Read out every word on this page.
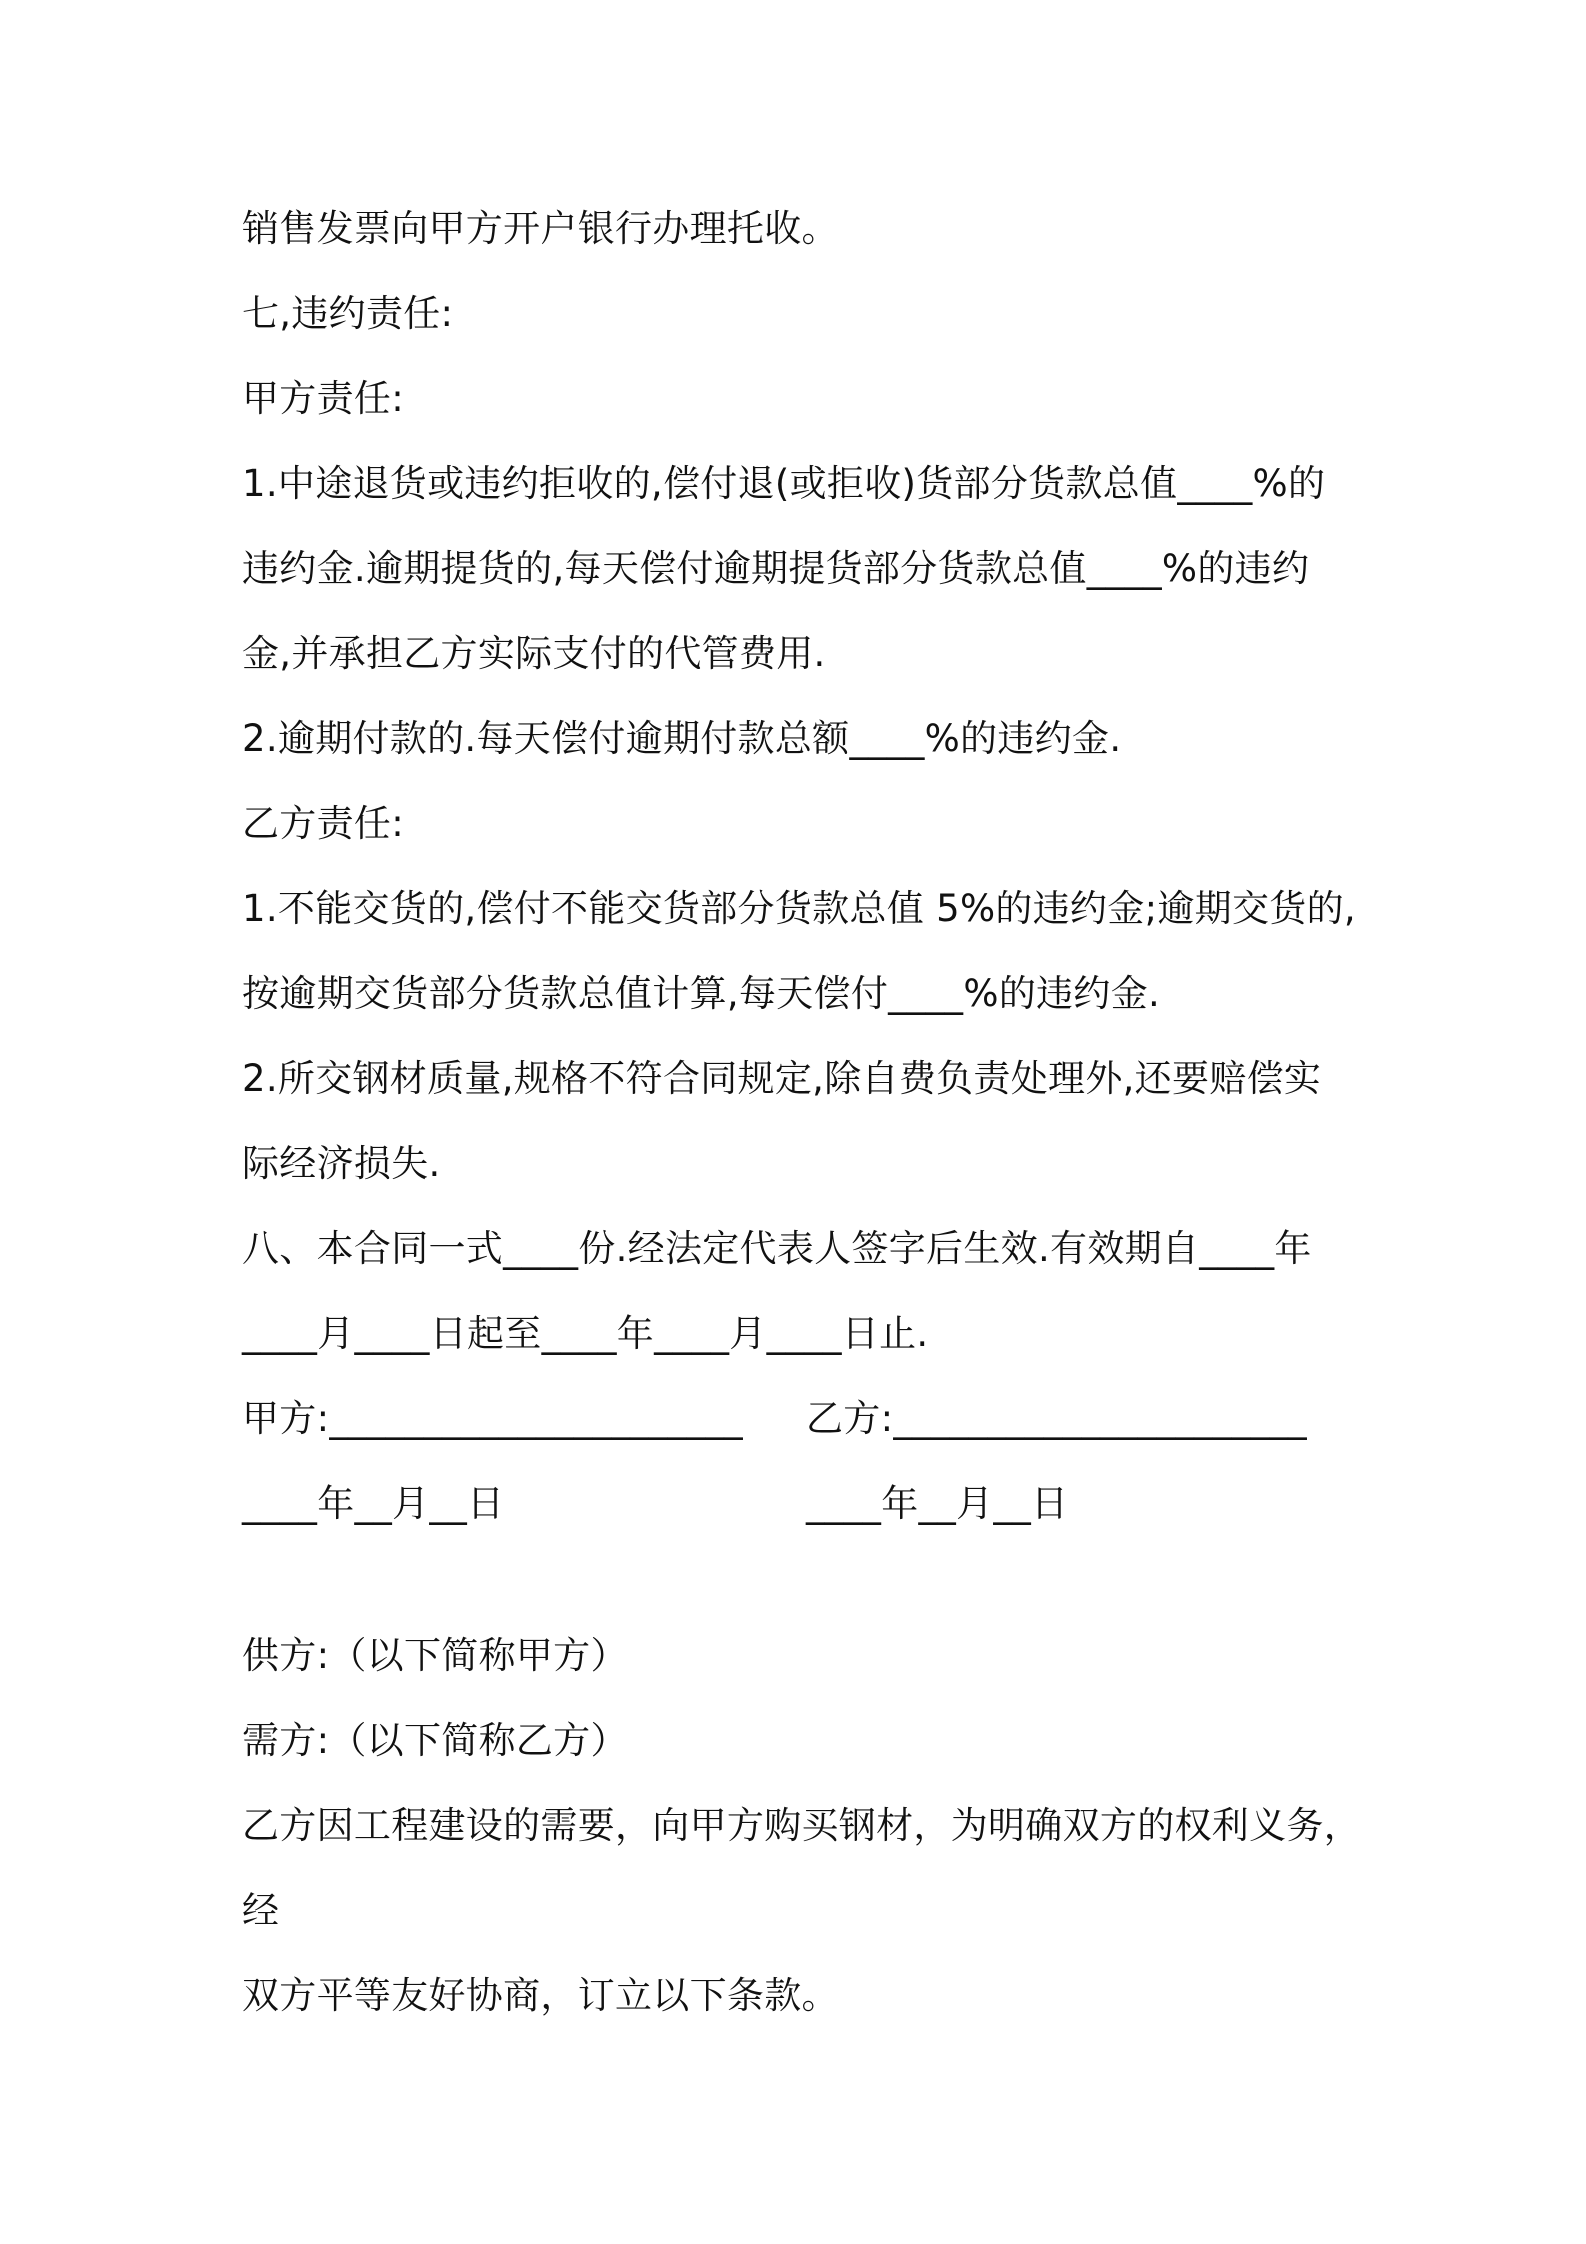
销售发票向甲方开户银行办理托收。
七,违约责任:
甲方责任:
1.中途退货或违约拒收的,偿付退(或拒收)货部分货款总值____%的
违约金.逾期提货的,每天偿付逾期提货部分货款总值____%的违约
金,并承担乙方实际支付的代管费用.
2.逾期付款的.每天偿付逾期付款总额____%的违约金.
乙方责任:
1.不能交货的,偿付不能交货部分货款总值 5%的违约金;逾期交货的,
按逾期交货部分货款总值计算,每天偿付____%的违约金.
2.所交钢材质量,规格不符合同规定,除自费负责处理外,还要赔偿实
际经济损失.
八、本合同一式____份.经法定代表人签字后生效.有效期自____年
____月____日起至____年____月____日止.
甲方:______________________ 乙方:______________________
____年__月__日	____年__月__日
供方:（以下简称甲方）
需方:（以下简称乙方）
乙方因工程建设的需要，向甲方购买钢材，为明确双方的权利义务，
经
双方平等友好协商，订立以下条款。
